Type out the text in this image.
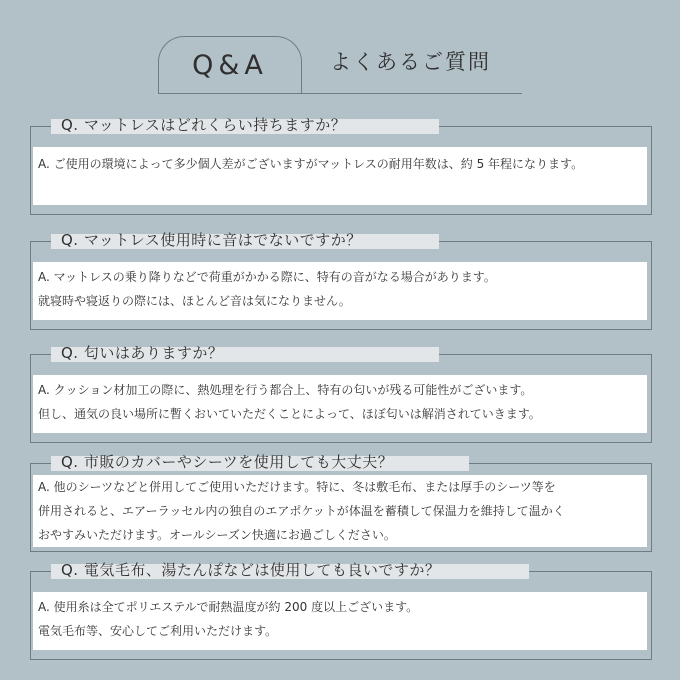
Q&A	よくあるご質問
Q. マットレスはどれくらい持ちますか？
A. ご使用の環境によって多少個人差がございますがマットレスの耐用年数は、約 5 年程になります。
Q. マットレス使用時に音はでないですか？
A. マットレスの乗り降りなどで荷重がかかる際に、特有の音がなる場合があります。
就寝時や寝返りの際には、ほとんど音は気になりません。
Q. 匂いはありますか？
A. クッション材加工の際に、熱処理を行う都合上、特有の匂いが残る可能性がございます。
但し、通気の良い場所に暫くおいていただくことによって、ほぼ匂いは解消されていきます。
Q. 市販のカバーやシーツを使用しても大丈夫？
A. 他のシーツなどと併用してご使用いただけます。特に、冬は敷毛布、または厚手のシーツ等を
併用されると、エアーラッセル内の独自のエアポケットが体温を蓄積して保温力を維持して温かく
おやすみいただけます。オールシーズン快適にお過ごしください。
Q. 電気毛布、湯たんぽなどは使用しても良いですか？
A. 使用糸は全てポリエステルで耐熱温度が約 200 度以上ございます。
電気毛布等、安心してご利用いただけます。
